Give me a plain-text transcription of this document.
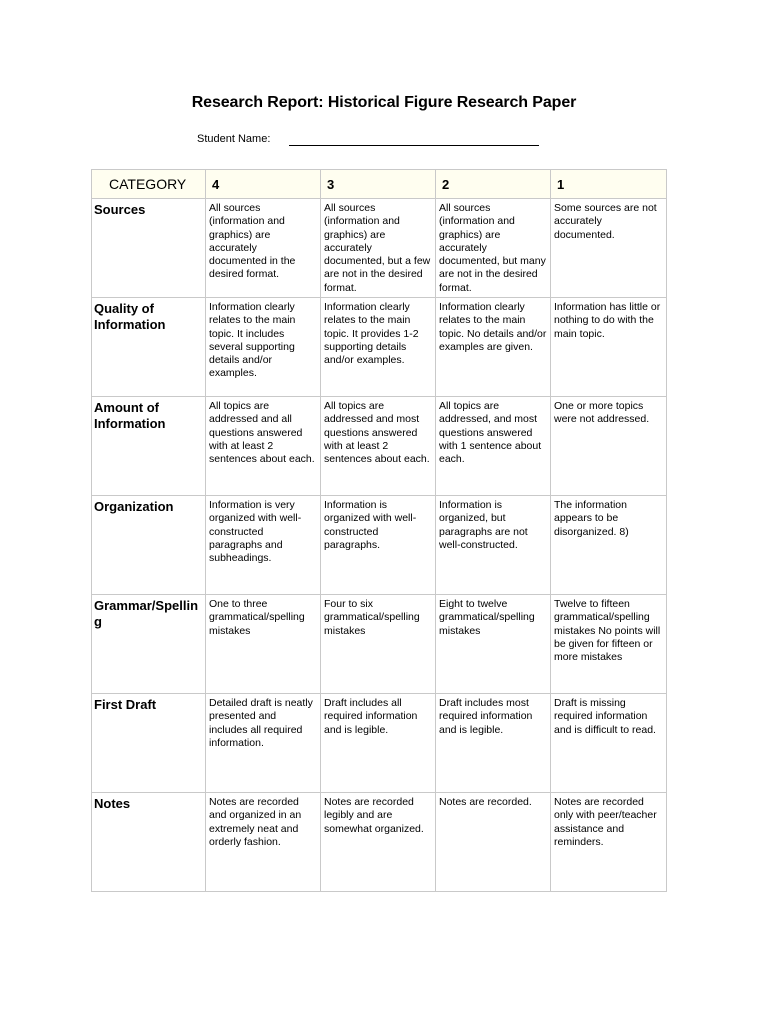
Research Report: Historical Figure Research Paper
Student Name:
CATEGORY	4	3	2	1
Sources	All sources (information and graphics) are accurately documented in the desired format.	All sources (information and graphics) are accurately documented, but a few are not in the desired format.	All sources (information and graphics) are accurately documented, but many are not in the desired format.	Some sources are not accurately documented.
Quality of Information	Information clearly relates to the main topic. It includes several supporting details and/or examples.	Information clearly relates to the main topic. It provides 1-2 supporting details and/or examples.	Information clearly relates to the main topic. No details and/or examples are given.	Information has little or nothing to do with the main topic.
Amount of Information	All topics are addressed and all questions answered with at least 2 sentences about each.	All topics are addressed and most questions answered with at least 2 sentences about each.	All topics are addressed, and most questions answered with 1 sentence about each.	One or more topics were not addressed.
Organization	Information is very organized with well-constructed paragraphs and subheadings.	Information is organized with well-constructed paragraphs.	Information is organized, but paragraphs are not well-constructed.	The information appears to be disorganized. 8)
Grammar/Spelling	One to three grammatical/spelling mistakes	Four to six grammatical/spelling mistakes	Eight to twelve grammatical/spelling mistakes	Twelve to fifteen grammatical/spelling mistakes No points will be given for fifteen or more mistakes
First Draft	Detailed draft is neatly presented and includes all required information.	Draft includes all required information and is legible.	Draft includes most required information and is legible.	Draft is missing required information and is difficult to read.
Notes	Notes are recorded and organized in an extremely neat and orderly fashion.	Notes are recorded legibly and are somewhat organized.	Notes are recorded.	Notes are recorded only with peer/teacher assistance and reminders.
